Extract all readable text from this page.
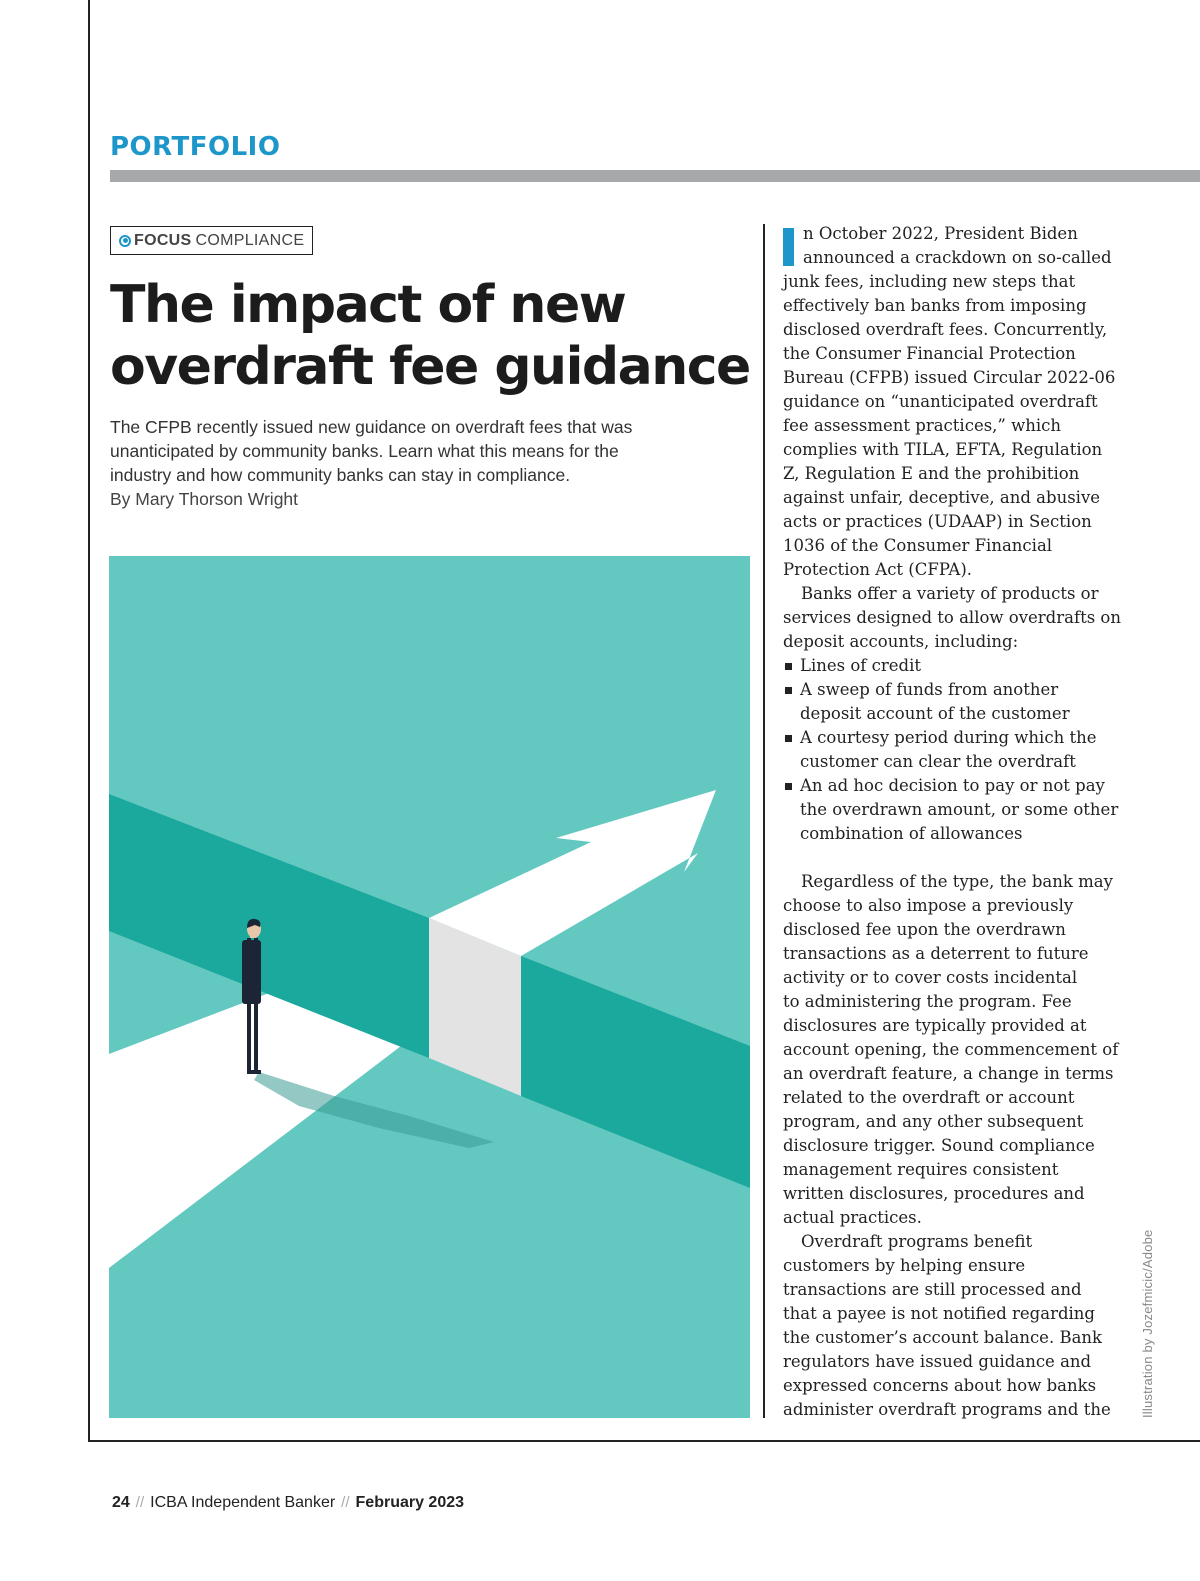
PORTFOLIO
FOCUS COMPLIANCE
The impact of new
overdraft fee guidance
The CFPB recently issued new guidance on overdraft fees that was
unanticipated by community banks. Learn what this means for the
industry and how community banks can stay in compliance.
By Mary Thorson Wright
n October 2022, President Biden
announced a crackdown on so-called
junk fees, including new steps that
effectively ban banks from imposing
disclosed overdraft fees. Concurrently,
the Consumer Financial Protection
Bureau (CFPB) issued Circular 2022-06
guidance on “unanticipated overdraft
fee assessment practices,” which
complies with TILA, EFTA, Regulation
Z, Regulation E and the prohibition
against unfair, deceptive, and abusive
acts or practices (UDAAP) in Section
1036 of the Consumer Financial
Protection Act (CFPA).
Banks offer a variety of products or
services designed to allow overdrafts on
deposit accounts, including:
Lines of credit
A sweep of funds from another
deposit account of the customer
A courtesy period during which the
customer can clear the overdraft
An ad hoc decision to pay or not pay
the overdrawn amount, or some other
combination of allowances
Regardless of the type, the bank may
choose to also impose a previously
disclosed fee upon the overdrawn
transactions as a deterrent to future
activity or to cover costs incidental
to administering the program. Fee
disclosures are typically provided at
account opening, the commencement of
an overdraft feature, a change in terms
related to the overdraft or account
program, and any other subsequent
disclosure trigger. Sound compliance
management requires consistent
written disclosures, procedures and
actual practices.
Overdraft programs benefit
customers by helping ensure
transactions are still processed and
that a payee is not notified regarding
the customer’s account balance. Bank
regulators have issued guidance and
expressed concerns about how banks
administer overdraft programs and the Illustration by Jozefmicic/Adobe
24 // ICBA Independent Banker // February 2023
